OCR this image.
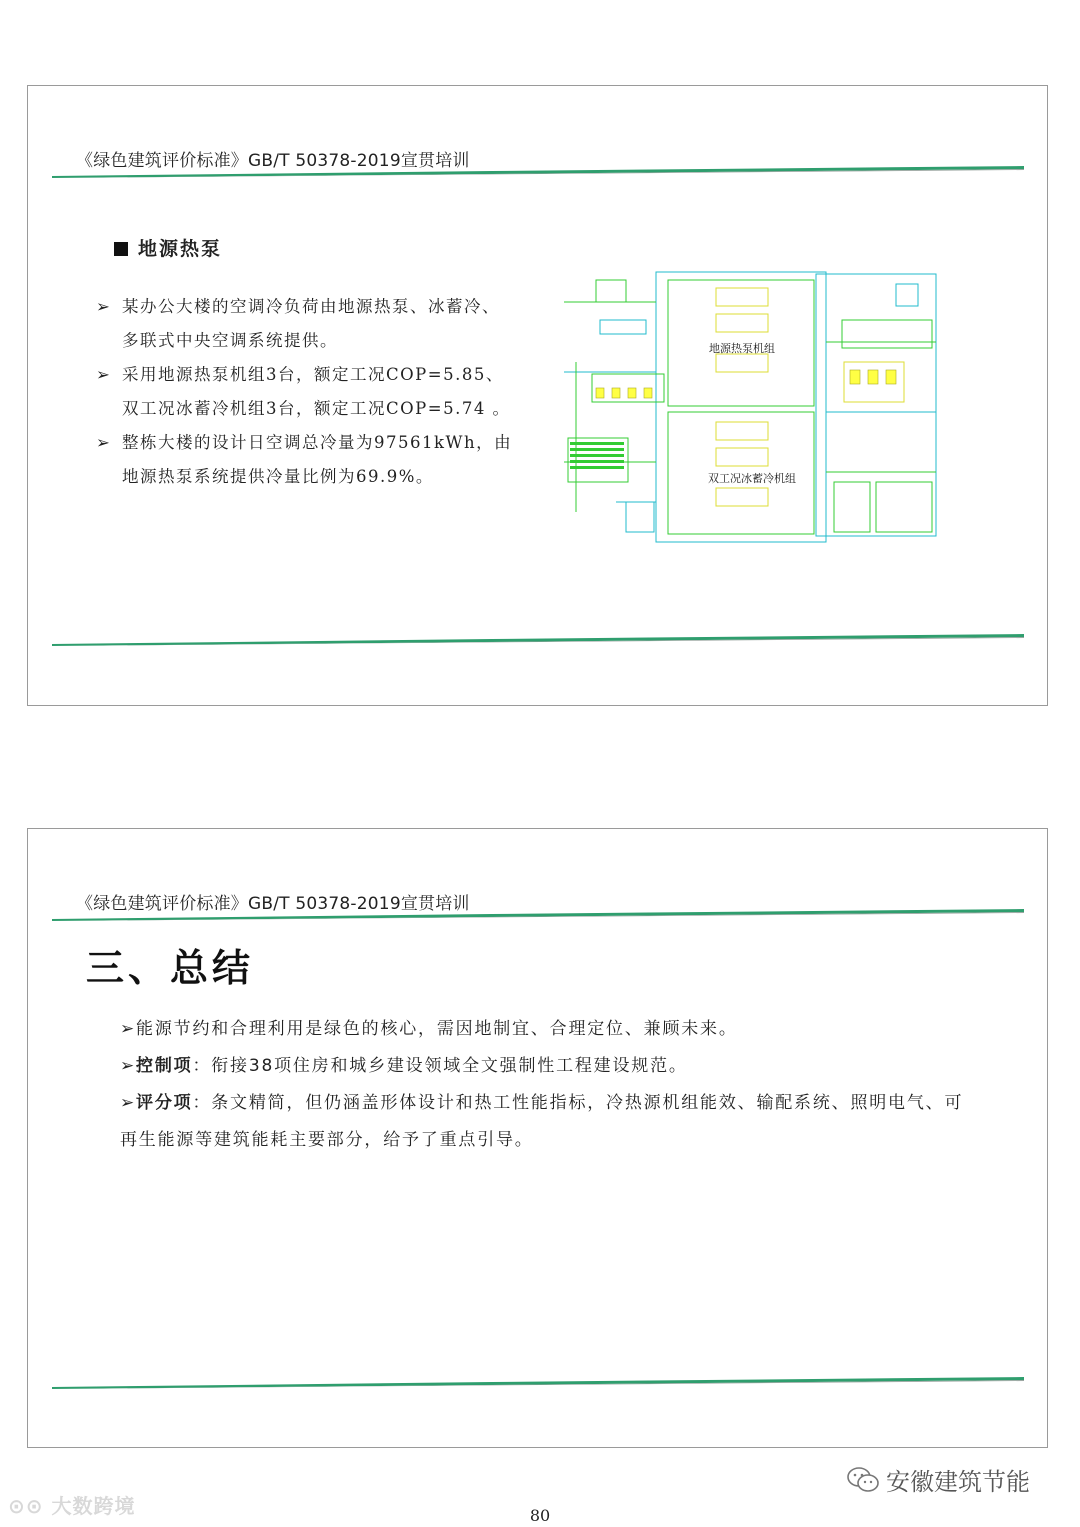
《绿色建筑评价标准》GB/T 50378-2019宣贯培训
地源热泵
➢ 某办公大楼的空调冷负荷由地源热泵、冰蓄冷、多联式中央空调系统提供。
➢ 采用地源热泵机组3台，额定工况COP=5.85、双工况冰蓄冷机组3台，额定工况COP=5.74 。
➢ 整栋大楼的设计日空调总冷量为97561kWh，由地源热泵系统提供冷量比例为69.9%。
地源热泵机组
双工况冰蓄冷机组
《绿色建筑评价标准》GB/T 50378-2019宣贯培训
三、总结
➢能源节约和合理利用是绿色的核心，需因地制宜、合理定位、兼顾未来。
➢控制项：衔接38项住房和城乡建设领域全文强制性工程建设规范。
➢评分项：条文精简，但仍涵盖形体设计和热工性能指标，冷热源机组能效、输配系统、照明电气、可再生能源等建筑能耗主要部分，给予了重点引导。
安徽建筑节能
⊙⊙ 大数跨境	80
